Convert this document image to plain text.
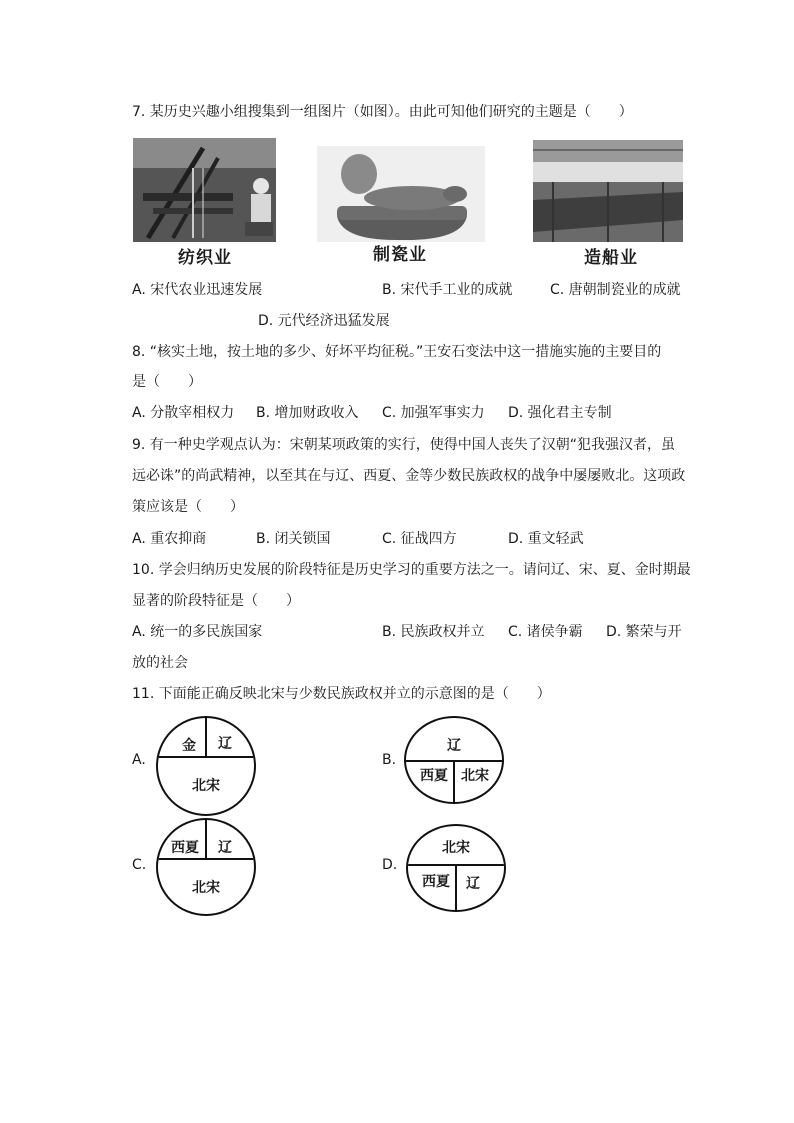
7. 某历史兴趣小组搜集到一组图片（如图）。由此可知他们研究的主题是（　　）
纺织业	制瓷业	造船业
A. 宋代农业迅速发展	B. 宋代手工业的成就	C. 唐朝制瓷业的成就
D. 元代经济迅猛发展
8. “核实土地，按土地的多少、好坏平均征税。”王安石变法中这一措施实施的主要目的
是（　　）
A. 分散宰相权力 B. 增加财政收入 C. 加强军事实力 D. 强化君主专制
9. 有一种史学观点认为：宋朝某项政策的实行，使得中国人丧失了汉朝“犯我强汉者，虽
远必诛”的尚武精神，以至其在与辽、西夏、金等少数民族政权的战争中屡屡败北。这项政
策应该是（　　）
A. 重农抑商	B. 闭关锁国	C. 征战四方	D. 重文轻武
10. 学会归纳历史发展的阶段特征是历史学习的重要方法之一。请问辽、宋、夏、金时期最
显著的阶段特征是（　　）
A. 统一的多民族国家	B. 民族政权并立 C. 诸侯争霸 D. 繁荣与开
放的社会
11. 下面能正确反映北宋与少数民族政权并立的示意图的是（　　）
A.
金	辽
北宋
B.
辽
西夏 北宋
C.
西夏	辽
北宋
D.
北宋
西夏	辽
